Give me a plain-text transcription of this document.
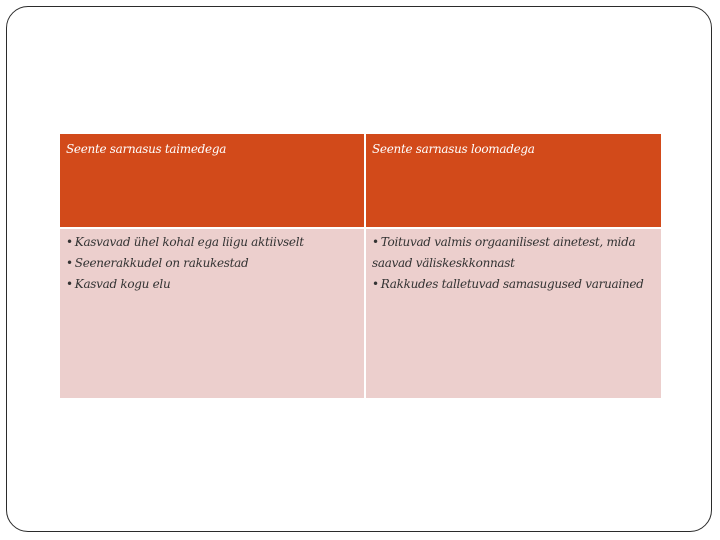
Seente sarnasus taimedega	Seente sarnasus loomadega
• Kasvavad ühel kohal ega liigu aktiivselt
• Seenerakkudel on rakukestad
• Kasvad kogu elu
• Toituvad valmis orgaanilisest ainetest, mida saavad väliskeskkonnast
• Rakkudes talletuvad samasugused varuained
